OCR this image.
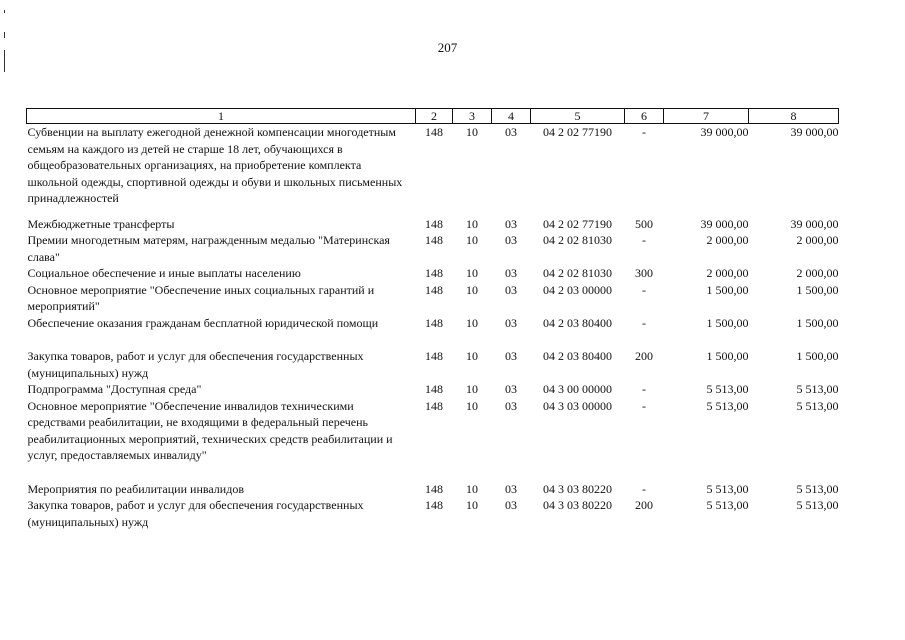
207
1	2	3	4	5	6	7	8
Субвенции на выплату ежегодной денежной компенсации многодетным семьям на каждого из детей не старше 18 лет, обучающихся в общеобразовательных организациях, на приобретение комплекта школьной одежды, спортивной одежды и обуви и школьных письменных принадлежностей	148	10	03	04 2 02 77190	-	39 000,00	39 000,00
Межбюджетные трансферты	148	10	03	04 2 02 77190	500	39 000,00	39 000,00
Премии многодетным матерям, награжденным медалью "Материнская слава"	148	10	03	04 2 02 81030	-	2 000,00	2 000,00
Социальное обеспечение и иные выплаты населению	148	10	03	04 2 02 81030	300	2 000,00	2 000,00
Основное мероприятие "Обеспечение иных социальных гарантий и мероприятий"	148	10	03	04 2 03 00000	-	1 500,00	1 500,00
Обеспечение оказания гражданам бесплатной юридической помощи	148	10	03	04 2 03 80400	-	1 500,00	1 500,00
Закупка товаров, работ и услуг для обеспечения государственных (муниципальных) нужд	148	10	03	04 2 03 80400	200	1 500,00	1 500,00
Подпрограмма "Доступная среда"	148	10	03	04 3 00 00000	-	5 513,00	5 513,00
Основное мероприятие "Обеспечение инвалидов техническими средствами реабилитации, не входящими в федеральный перечень реабилитационных мероприятий, технических средств реабилитации и услуг, предоставляемых инвалиду"	148	10	03	04 3 03 00000	-	5 513,00	5 513,00
Мероприятия по реабилитации инвалидов	148	10	03	04 3 03 80220	-	5 513,00	5 513,00
Закупка товаров, работ и услуг для обеспечения государственных (муниципальных) нужд	148	10	03	04 3 03 80220	200	5 513,00	5 513,00
